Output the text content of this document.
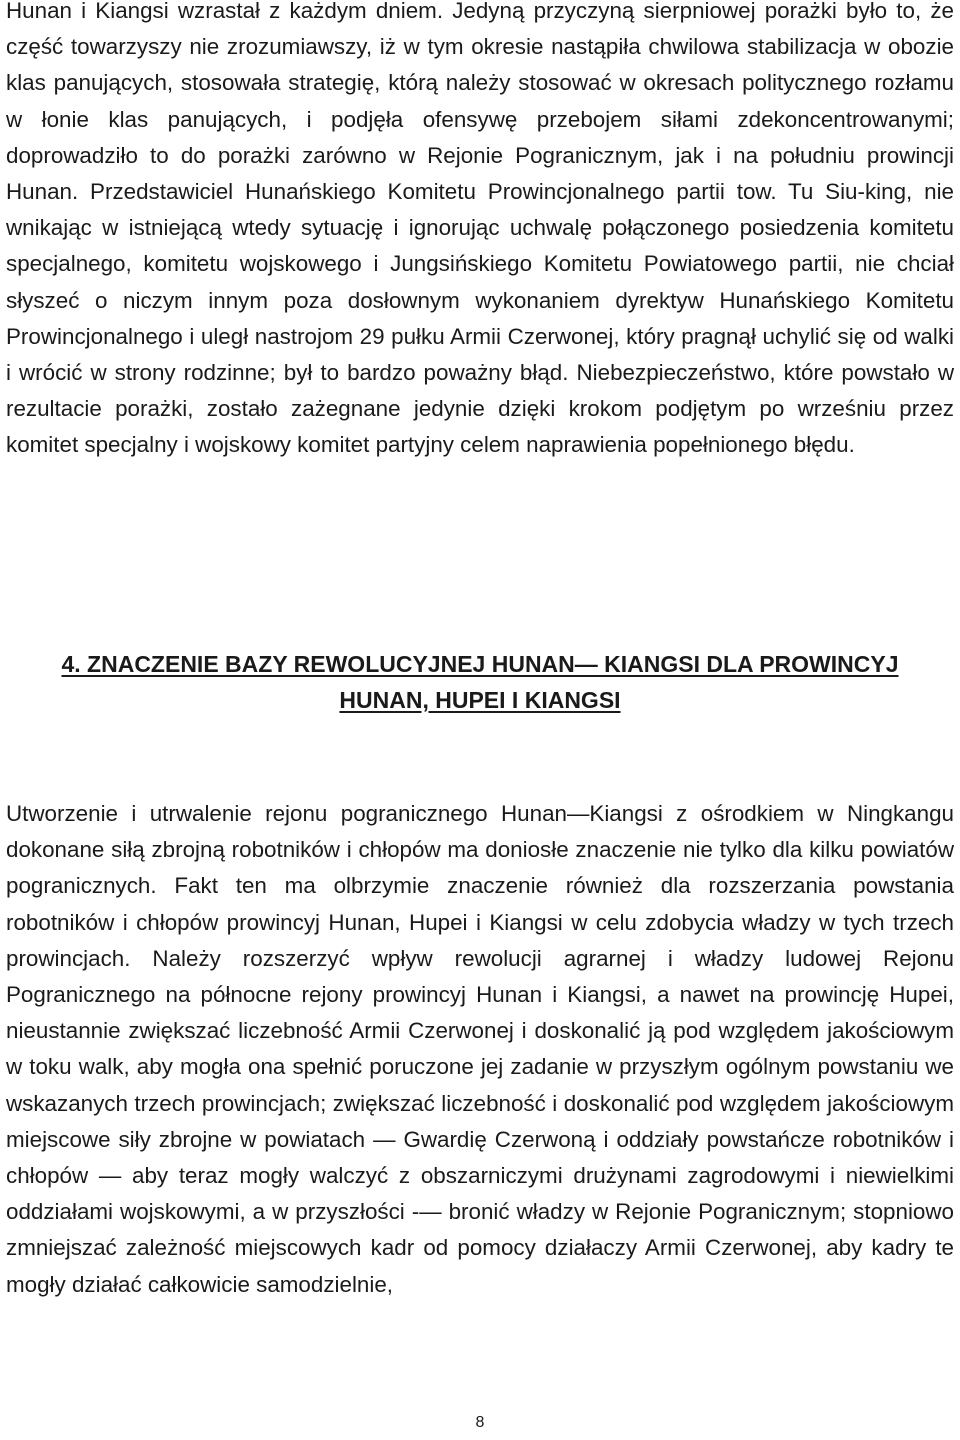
Hunan i Kiangsi wzrastał z każdym dniem. Jedyną przyczyną sierpniowej porażki było to, że część towarzyszy nie zrozumiawszy, iż w tym okresie nastąpiła chwilowa stabilizacja w obozie klas panujących, stosowała strategię, którą należy stosować w okresach politycznego rozłamu w łonie klas panujących, i podjęła ofensywę przebojem siłami zdekoncentrowanymi; doprowadziło to do porażki zarówno w Rejonie Pogranicznym, jak i na południu prowincji Hunan. Przedstawiciel Hunańskiego Komitetu Prowincjonalnego partii tow. Tu Siu-king, nie wnikając w istniejącą wtedy sytuację i ignorując uchwalę połączonego posiedzenia komitetu specjalnego, komitetu wojskowego i Jungsińskiego Komitetu Powiatowego partii, nie chciał słyszeć o niczym innym poza dosłownym wykonaniem dyrektyw Hunańskiego Komitetu Prowincjonalnego i uległ nastrojom 29 pułku Armii Czerwonej, który pragnął uchylić się od walki i wrócić w strony rodzinne; był to bardzo poważny błąd. Niebezpieczeństwo, które powstało w rezultacie porażki, zostało zażegnane jedynie dzięki krokom podjętym po wrześniu przez komitet specjalny i wojskowy komitet partyjny celem naprawienia popełnionego błędu.

4. ZNACZENIE BAZY REWOLUCYJNEJ HUNAN— KIANGSI DLA PROWINCYJ
HUNAN, HUPEI I KIANGSI

Utworzenie i utrwalenie rejonu pogranicznego Hunan—Kiangsi z ośrodkiem w Ningkangu dokonane siłą zbrojną robotników i chłopów ma doniosłe znaczenie nie tylko dla kilku powiatów pogranicznych. Fakt ten ma olbrzymie znaczenie również dla rozszerzania powstania robotników i chłopów prowincyj Hunan, Hupei i Kiangsi w celu zdobycia władzy w tych trzech prowincjach. Należy rozszerzyć wpływ rewolucji agrarnej i władzy ludowej Rejonu Pogranicznego na północne rejony prowincyj Hunan i Kiangsi, a nawet na prowincję Hupei, nieustannie zwiększać liczebność Armii Czerwonej i doskonalić ją pod względem jakościowym w toku walk, aby mogła ona spełnić poruczone jej zadanie w przyszłym ogólnym powstaniu we wskazanych trzech prowincjach; zwiększać liczebność i doskonalić pod względem jakościowym miejscowe siły zbrojne w powiatach — Gwardię Czerwoną i oddziały powstańcze robotników i chłopów — aby teraz mogły walczyć z obszarniczymi drużynami zagrodowymi i niewielkimi oddziałami wojskowymi, a w przyszłości -— bronić władzy w Rejonie Pogranicznym; stopniowo zmniejszać zależność miejscowych kadr od pomocy działaczy Armii Czerwonej, aby kadry te mogły działać całkowicie samodzielnie,

8
